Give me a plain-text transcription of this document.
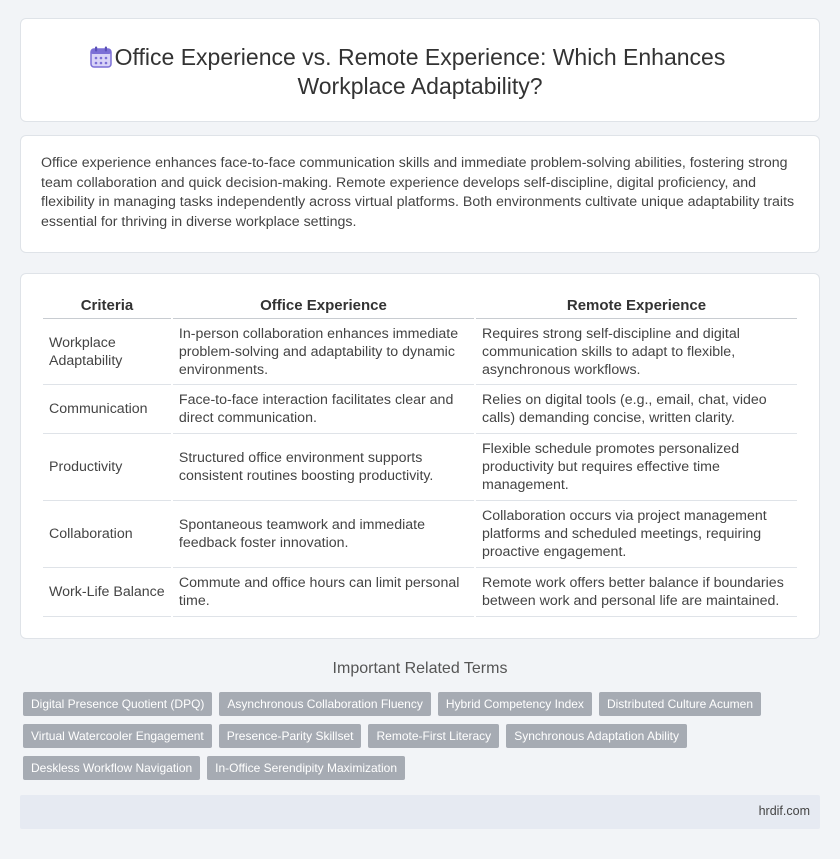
Office Experience vs. Remote Experience: Which Enhances Workplace Adaptability?

Office experience enhances face-to-face communication skills and immediate problem-solving abilities, fostering strong team collaboration and quick decision-making. Remote experience develops self-discipline, digital proficiency, and flexibility in managing tasks independently across virtual platforms. Both environments cultivate unique adaptability traits essential for thriving in diverse workplace settings.

Criteria	Office Experience	Remote Experience
Workplace Adaptability	In-person collaboration enhances immediate problem-solving and adaptability to dynamic environments.	Requires strong self-discipline and digital communication skills to adapt to flexible, asynchronous workflows.
Communication	Face-to-face interaction facilitates clear and direct communication.	Relies on digital tools (e.g., email, chat, video calls) demanding concise, written clarity.
Productivity	Structured office environment supports consistent routines boosting productivity.	Flexible schedule promotes personalized productivity but requires effective time management.
Collaboration	Spontaneous teamwork and immediate feedback foster innovation.	Collaboration occurs via project management platforms and scheduled meetings, requiring proactive engagement.
Work-Life Balance	Commute and office hours can limit personal time.	Remote work offers better balance if boundaries between work and personal life are maintained.
Important Related Terms
Digital Presence Quotient (DPQ)	Asynchronous Collaboration Fluency	Hybrid Competency Index	Distributed Culture Acumen
Virtual Watercooler Engagement	Presence-Parity Skillset	Remote-First Literacy	Synchronous Adaptation Ability
Deskless Workflow Navigation	In-Office Serendipity Maximization
hrdif.com
